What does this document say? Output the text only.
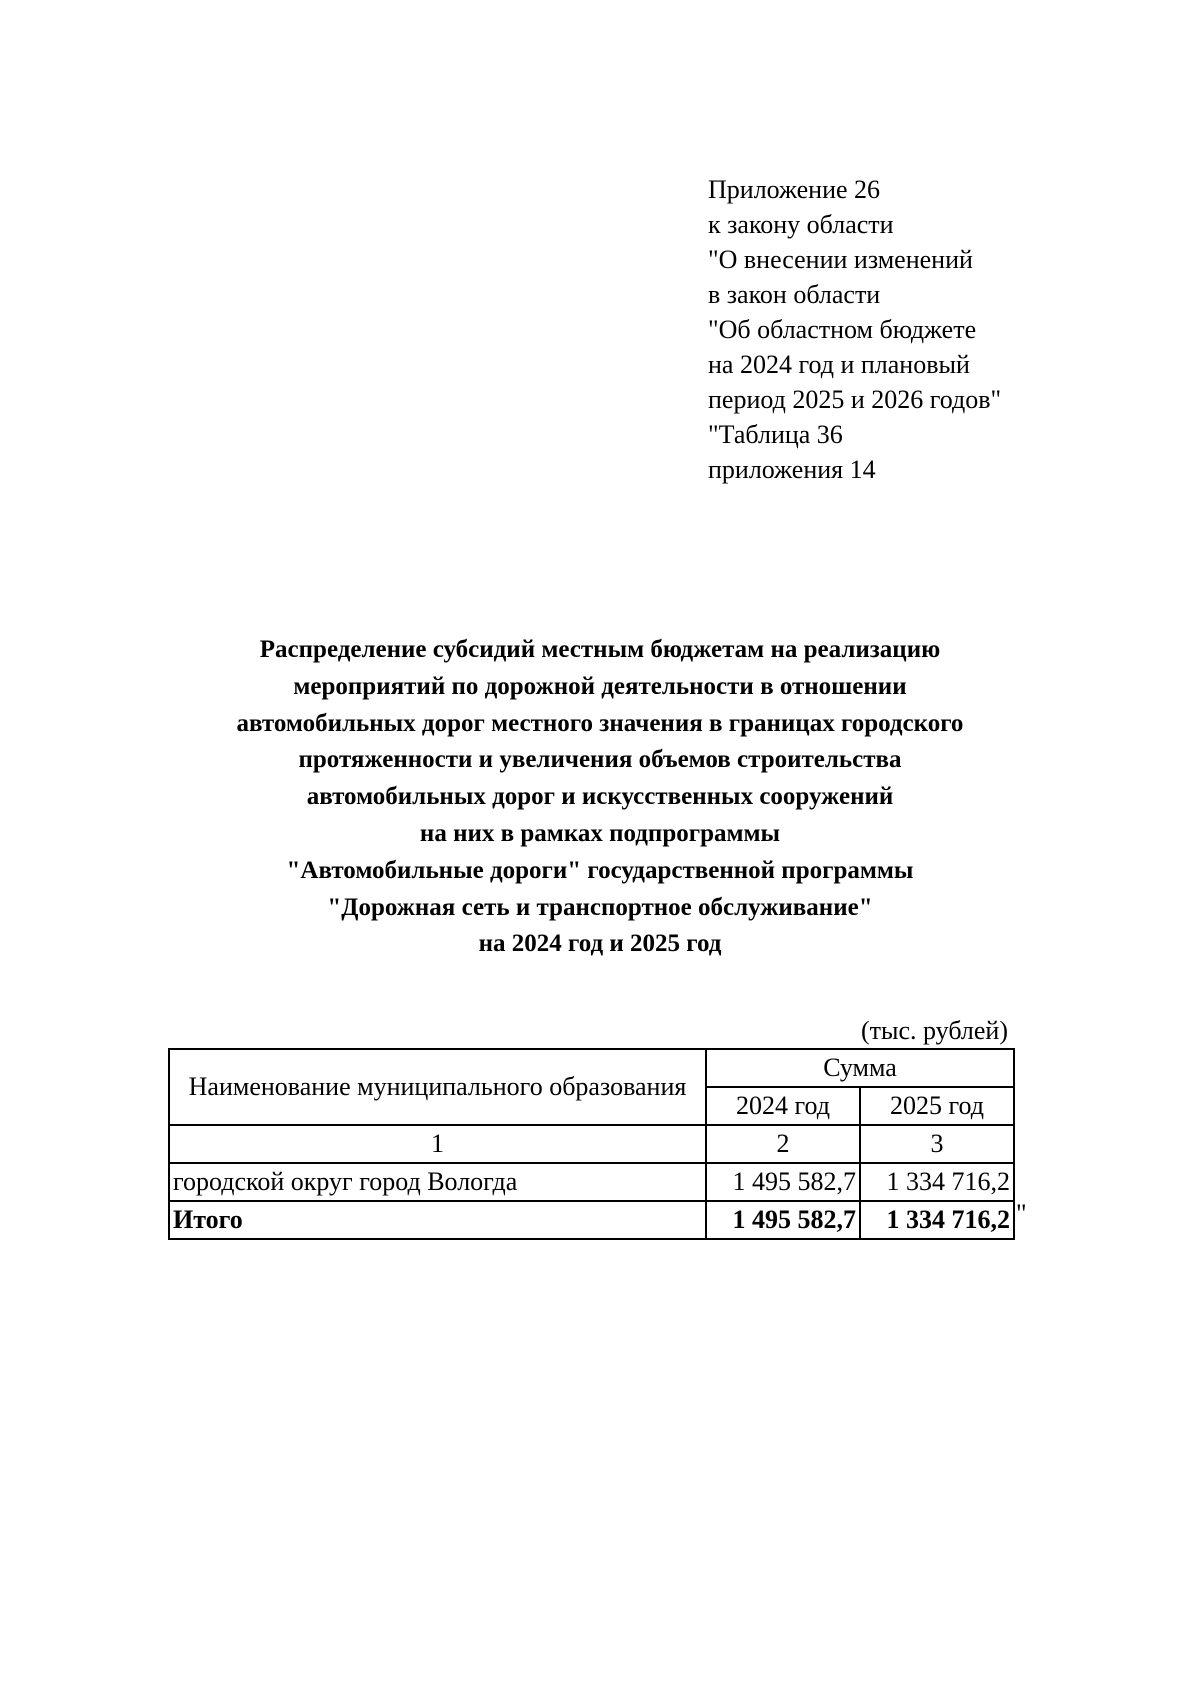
Приложение 26
к закону области
"О внесении изменений
в закон области
"Об областном бюджете
на 2024 год и плановый
период 2025 и 2026 годов"
"Таблица 36
приложения 14
Распределение субсидий местным бюджетам на реализацию
мероприятий по дорожной деятельности в отношении
автомобильных дорог местного значения в границах городского
протяженности и увеличения объемов строительства
автомобильных дорог и искусственных сооружений
на них в рамках подпрограммы
"Автомобильные дороги" государственной программы
"Дорожная сеть и транспортное обслуживание"
на 2024 год и 2025 год
(тыс. рублей)
Наименование муниципального образования	Сумма	
	2024 год	2025 год
1	2	3
городской округ город Вологда	1 495 582,7	1 334 716,2
Итого	1 495 582,7	1 334 716,2 "
